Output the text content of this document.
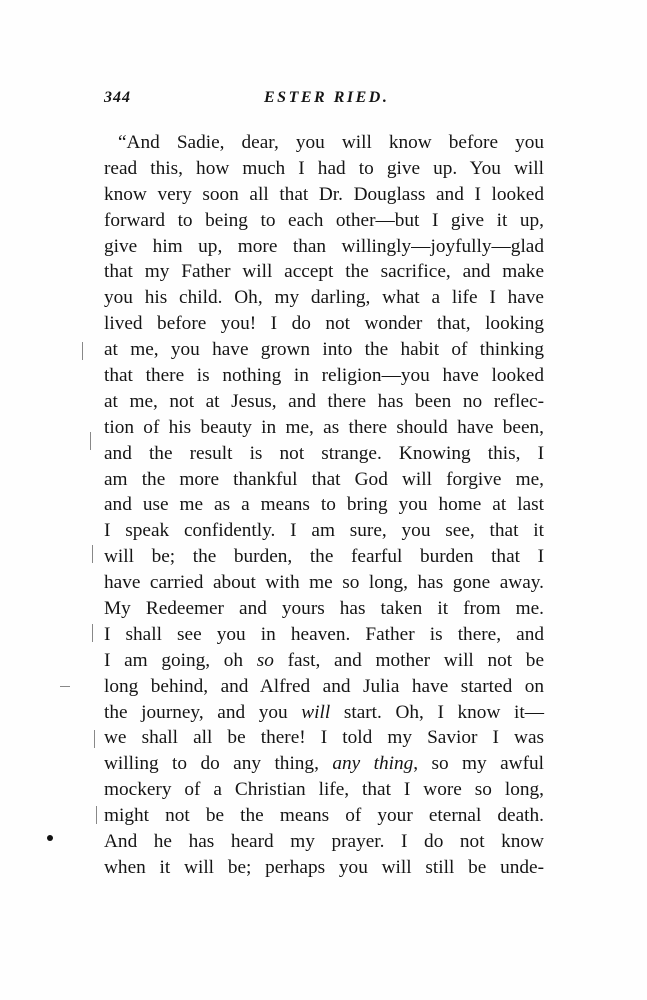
344	ESTER RIED.
“And Sadie, dear, you will know before you
read this, how much I had to give up. You will
know very soon all that Dr. Douglass and I looked
forward to being to each other—but I give it up,
give him up, more than willingly—joyfully—glad
that my Father will accept the sacrifice, and make
you his child. Oh, my darling, what a life I have
lived before you! I do not wonder that, looking
at me, you have grown into the habit of thinking
that there is nothing in religion—you have looked
at me, not at Jesus, and there has been no reflec-
tion of his beauty in me, as there should have been,
and the result is not strange. Knowing this, I
am the more thankful that God will forgive me,
and use me as a means to bring you home at last
I speak confidently. I am sure, you see, that it
will be; the burden, the fearful burden that I
have carried about with me so long, has gone away.
My Redeemer and yours has taken it from me.
I shall see you in heaven. Father is there, and
I am going, oh so fast, and mother will not be
long behind, and Alfred and Julia have started on
the journey, and you will start. Oh, I know it—
we shall all be there! I told my Savior I was
willing to do any thing, any thing, so my awful
mockery of a Christian life, that I wore so long,
might not be the means of your eternal death.
And he has heard my prayer. I do not know
when it will be; perhaps you will still be unde-
